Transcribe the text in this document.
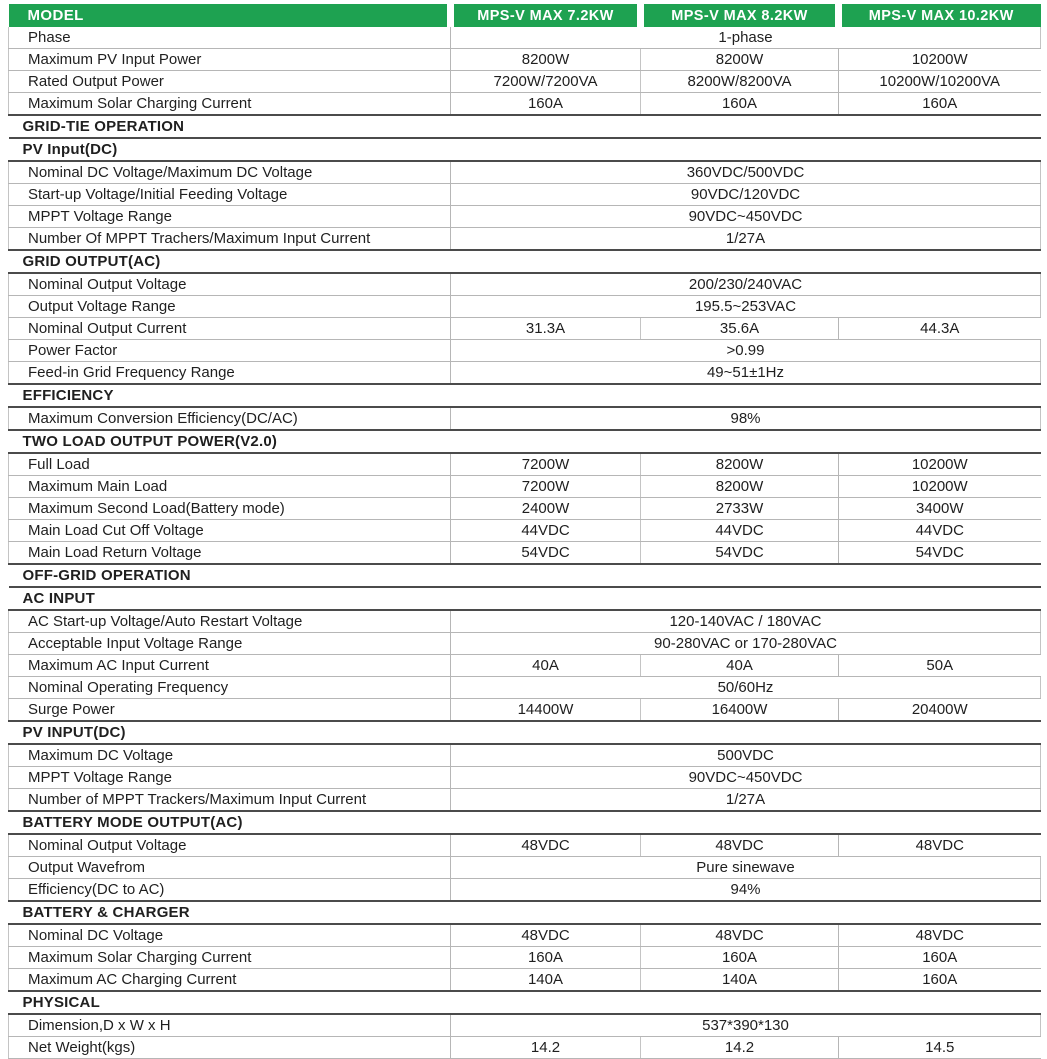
MODEL	MPS-V MAX 7.2KW	MPS-V MAX 8.2KW	MPS-V MAX 10.2KW
Phase	1-phase		
Maximum PV Input Power	8200W	8200W	10200W
Rated Output Power	7200W/7200VA	8200W/8200VA	10200W/10200VA
Maximum Solar Charging Current	160A	160A	160A
GRID-TIE OPERATION			
PV Input(DC)			
Nominal DC Voltage/Maximum DC Voltage	360VDC/500VDC		
Start-up Voltage/Initial Feeding Voltage	90VDC/120VDC		
MPPT Voltage Range	90VDC~450VDC		
Number Of MPPT Trachers/Maximum Input Current	1/27A		
GRID OUTPUT(AC)			
Nominal Output Voltage	200/230/240VAC		
Output Voltage Range	195.5~253VAC		
Nominal Output Current	31.3A	35.6A	44.3A
Power Factor	>0.99		
Feed-in Grid Frequency Range	49~51±1Hz		
EFFICIENCY			
Maximum Conversion Efficiency(DC/AC)	98%		
TWO LOAD OUTPUT POWER(V2.0)			
Full Load	7200W	8200W	10200W
Maximum Main Load	7200W	8200W	10200W
Maximum Second Load(Battery mode)	2400W	2733W	3400W
Main Load Cut Off Voltage	44VDC	44VDC	44VDC
Main Load Return Voltage	54VDC	54VDC	54VDC
OFF-GRID OPERATION			
AC INPUT			
AC Start-up Voltage/Auto Restart Voltage	120-140VAC / 180VAC		
Acceptable Input Voltage Range	90-280VAC or 170-280VAC		
Maximum AC Input Current	40A	40A	50A
Nominal Operating Frequency	50/60Hz		
Surge Power	14400W	16400W	20400W
PV INPUT(DC)			
Maximum DC Voltage	500VDC		
MPPT Voltage Range	90VDC~450VDC		
Number of MPPT Trackers/Maximum Input Current	1/27A		
BATTERY MODE OUTPUT(AC)			
Nominal Output Voltage	48VDC	48VDC	48VDC
Output Wavefrom	Pure sinewave		
Efficiency(DC to AC)	94%		
BATTERY & CHARGER			
Nominal DC Voltage	48VDC	48VDC	48VDC
Maximum Solar Charging Current	160A	160A	160A
Maximum AC Charging Current	140A	140A	160A
PHYSICAL			
Dimension,D x W x H	537*390*130		
Net Weight(kgs)	14.2	14.2	14.5
